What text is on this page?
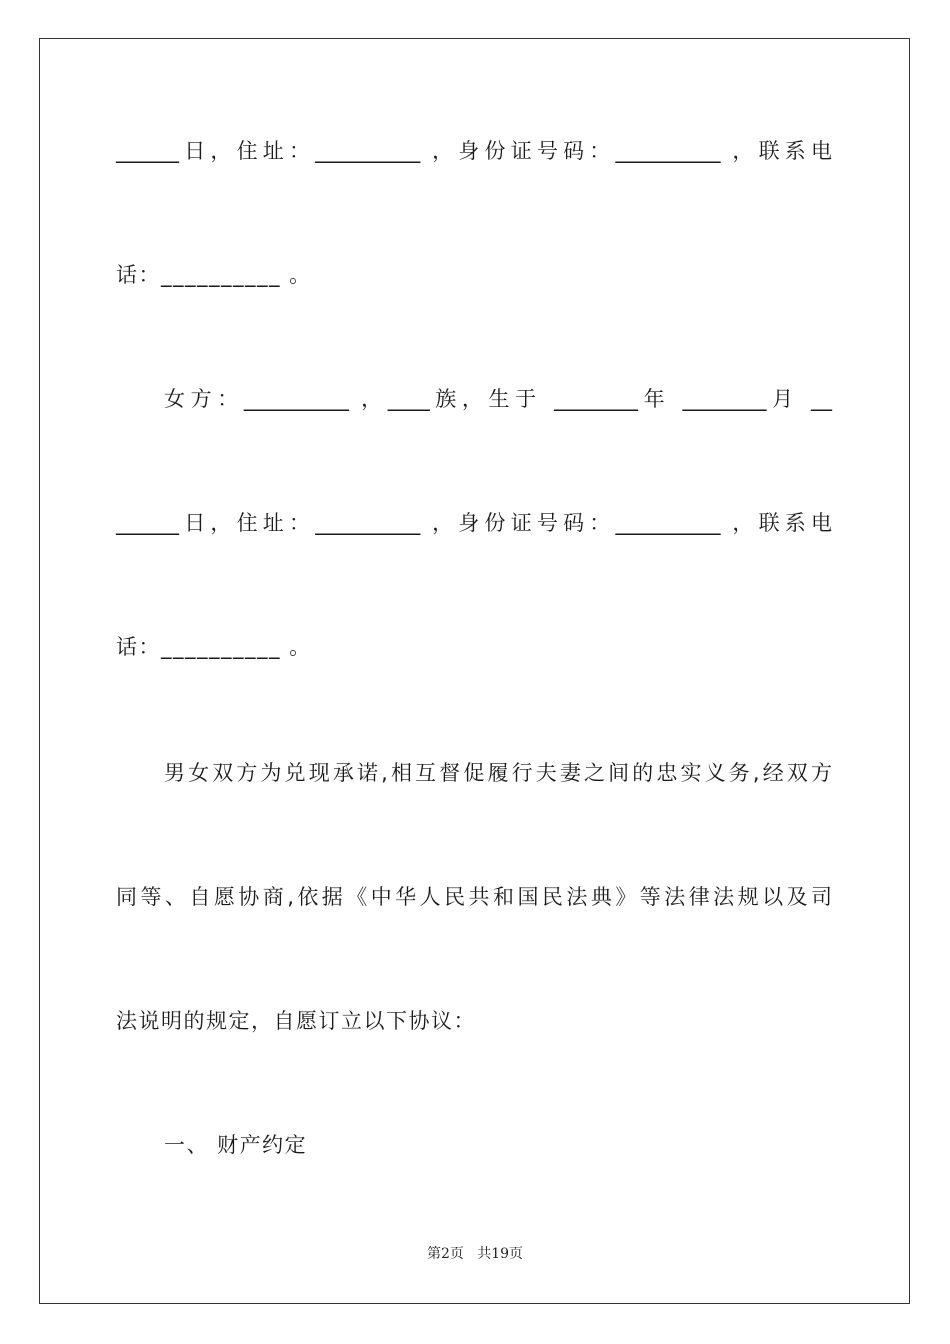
______日，住址：__________ ，身份证号码：__________ ，联系电
话：__________ 。
女方：__________ ，____族，生于 ________年 ________月 __
______日，住址：__________ ，身份证号码：__________ ，联系电
话：__________ 。
男女双方为兑现承诺,相互督促履行夫妻之间的忠实义务,经双方
同等、自愿协商,依据《中华人民共和国民法典》等法律法规以及司
法说明的规定，自愿订立以下协议：
一、 财产约定
第2页   共19页
